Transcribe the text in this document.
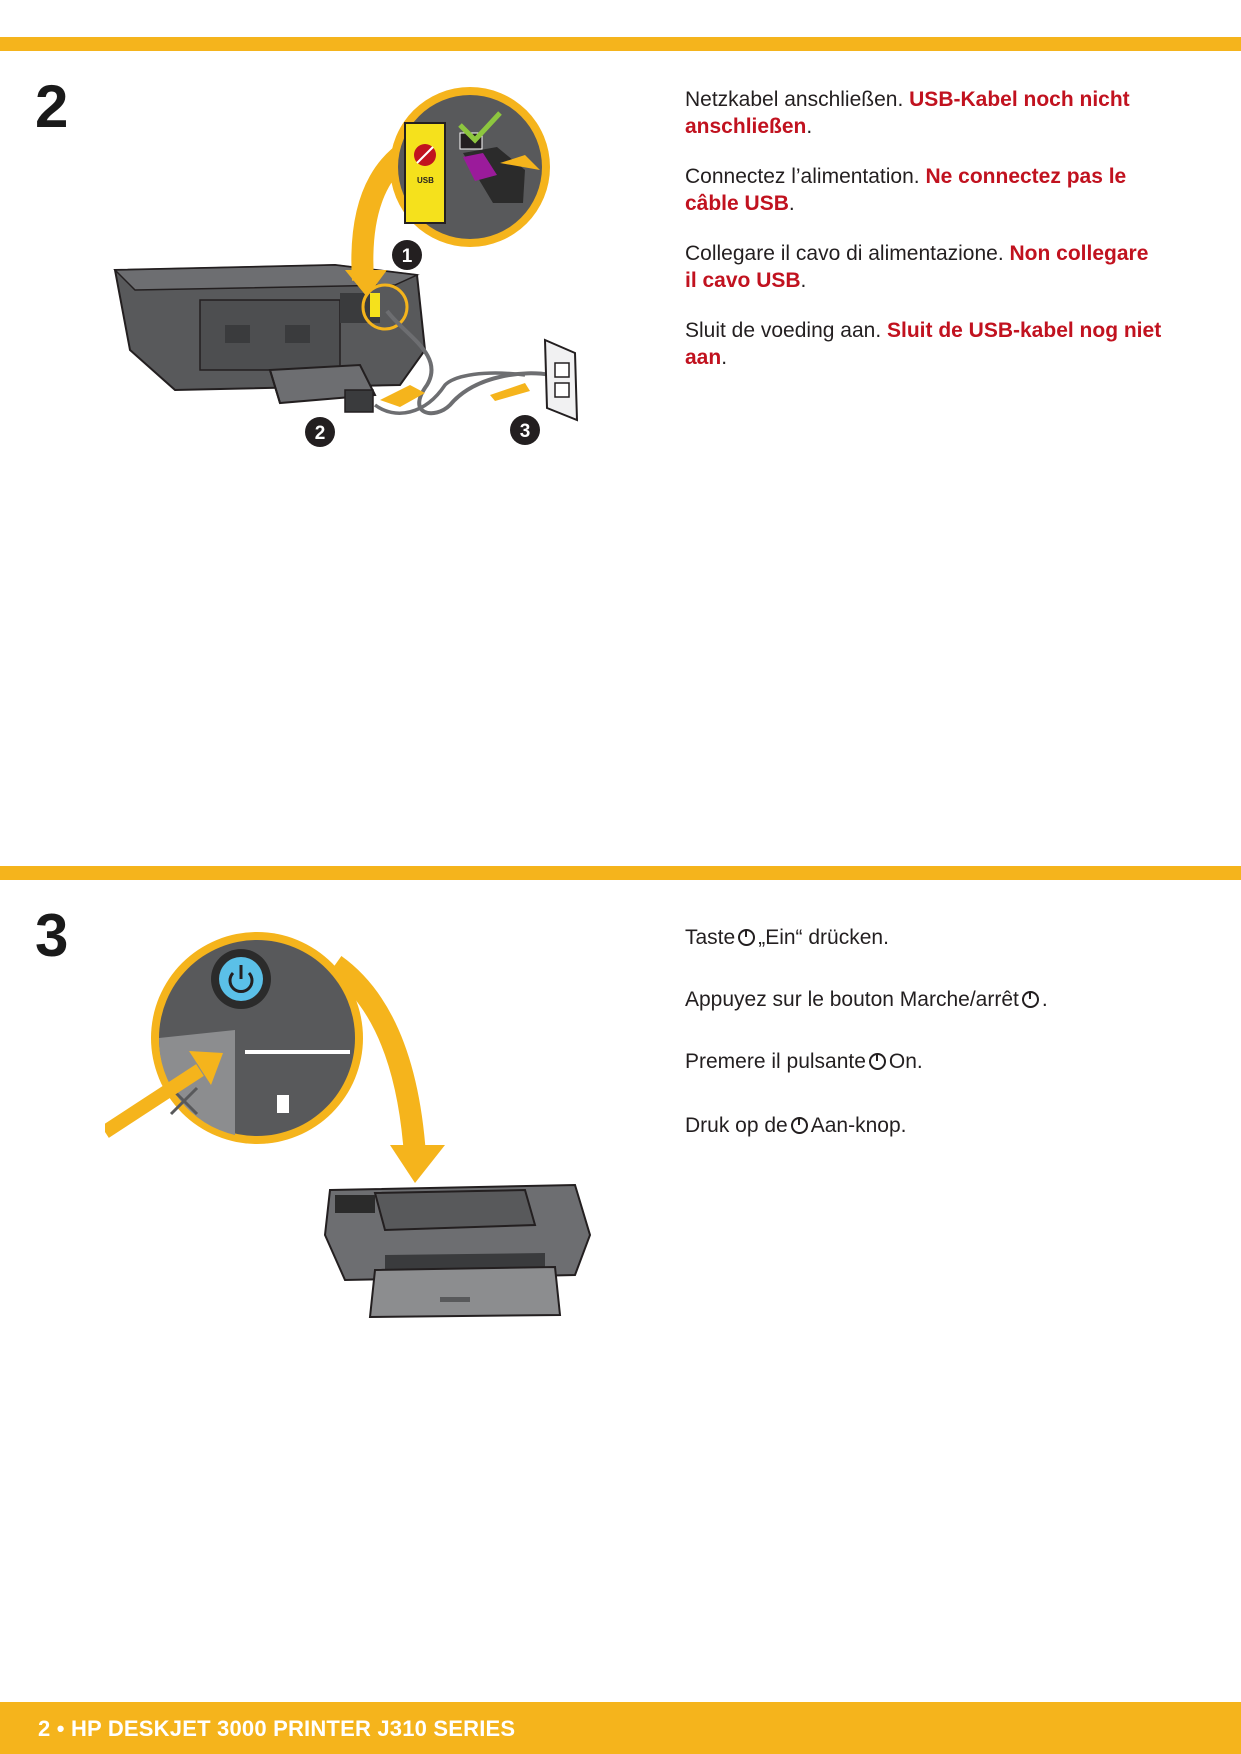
2
USB
1
2	3

Netzkabel anschließen. USB-Kabel noch nicht anschließen.

Connectez l’alimentation. Ne connectez pas le câble USB.

Collegare il cavo di alimentazione. Non collegare il cavo USB.

Sluit de voeding aan. Sluit de USB-kabel nog niet aan.

3	Taste „Ein“ drücken.

Appuyez sur le bouton Marche/arrêt .

Premere il pulsante On.

Druk op de Aan-knop.

2 • HP DESKJET 3000 PRINTER J310 SERIES
